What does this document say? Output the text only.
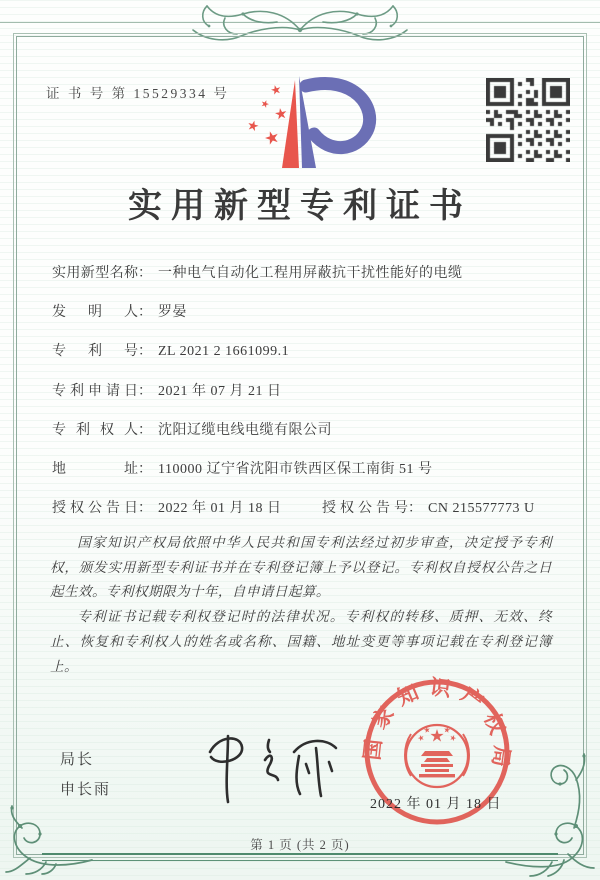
证 书 号 第 15529334 号
实用新型专利证书
实用新型名称： 一种电气自动化工程用屏蔽抗干扰性能好的电缆
发明人： 罗晏
专利号： ZL 2021 2 1661099.1
专利申请日： 2021 年 07 月 21 日
专利权人： 沈阳辽缆电线电缆有限公司
地址： 110000 辽宁省沈阳市铁西区保工南街 51 号
授权公告日： 2022 年 01 月 18 日	授权公告号： CN 215577773 U

国家知识产权局依照中华人民共和国专利法经过初步审查，决定授予专利权，颁发实用新型专利证书并在专利登记簿上予以登记。专利权自授权公告之日起生效。专利权期限为十年，自申请日起算。

专利证书记载专利权登记时的法律状况。专利权的转移、质押、无效、终止、恢复和专利权人的姓名或名称、国籍、地址变更等事项记载在专利登记簿上。

局长
申长雨
国家知识产权局
2022 年 01 月 18 日
第 1 页 (共 2 页)
